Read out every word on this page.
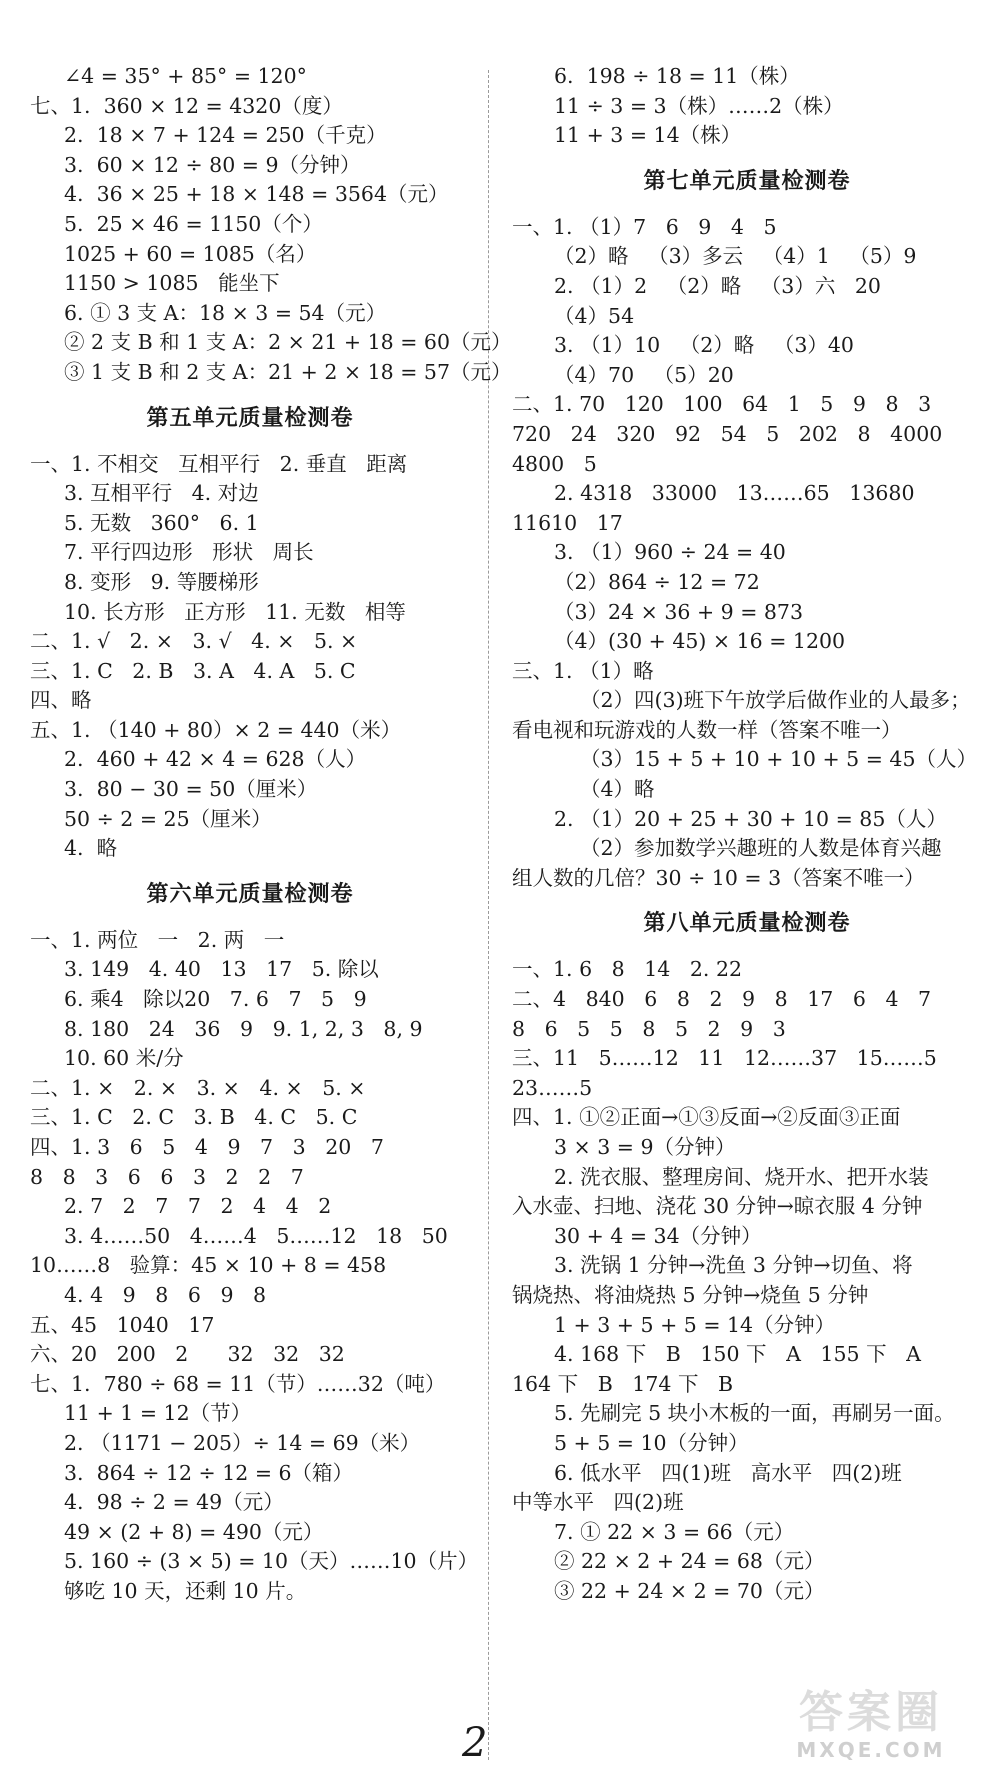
∠4 = 35° + 85° = 120°
七、1.  360 × 12 = 4320（度）
2.  18 × 7 + 124 = 250（千克）
3.  60 × 12 ÷ 80 = 9（分钟）
4.  36 × 25 + 18 × 148 = 3564（元）
5.  25 × 46 = 1150（个）
1025 + 60 = 1085（名）
1150 > 1085   能坐下
6. ① 3 支 A：18 × 3 = 54（元）
② 2 支 B 和 1 支 A：2 × 21 + 18 = 60（元）
③ 1 支 B 和 2 支 A：21 + 2 × 18 = 57（元）
第五单元质量检测卷
一、1. 不相交   互相平行   2. 垂直   距离
3. 互相平行   4. 对边
5. 无数   360°   6. 1
7. 平行四边形   形状   周长
8. 变形   9. 等腰梯形
10. 长方形   正方形   11. 无数   相等
二、1. √   2. ×   3. √   4. ×   5. ×
三、1. C   2. B   3. A   4. A   5. C
四、略
五、1. （140 + 80）× 2 = 440（米）
2.  460 + 42 × 4 = 628（人）
3.  80 − 30 = 50（厘米）
50 ÷ 2 = 25（厘米）
4.  略
第六单元质量检测卷
一、1. 两位   一   2. 两   一
3. 149   4. 40   13   17   5. 除以
6. 乘4   除以20   7. 6   7   5   9
8. 180   24   36   9   9. 1, 2, 3   8, 9
10. 60 米/分
二、1. ×   2. ×   3. ×   4. ×   5. ×
三、1. C   2. C   3. B   4. C   5. C
四、1. 3   6   5   4   9   7   3   20   7
8   8   3   6   6   3   2   2   7
2. 7   2   7   7   2   4   4   2
3. 4……50   4……4   5……12   18   50
10……8   验算：45 × 10 + 8 = 458
4. 4   9   8   6   9   8
五、45   1040   17
六、20   200   2      32   32   32
七、1.  780 ÷ 68 = 11（节）……32（吨）
11 + 1 = 12（节）
2. （1171 − 205）÷ 14 = 69（米）
3.  864 ÷ 12 ÷ 12 = 6（箱）
4.  98 ÷ 2 = 49（元）
49 × (2 + 8) = 490（元）
5. 160 ÷ (3 × 5) = 10（天）……10（片）
够吃 10 天，还剩 10 片。
6.  198 ÷ 18 = 11（株）
11 ÷ 3 = 3（株）……2（株）
11 + 3 = 14（株）
第七单元质量检测卷
一、1. （1）7   6   9   4   5
（2）略   （3）多云   （4）1   （5）9
2. （1）2   （2）略   （3）六   20
（4）54
3. （1）10   （2）略   （3）40
（4）70   （5）20
二、1. 70   120   100   64   1   5   9   8   3
720   24   320   92   54   5   202   8   4000
4800   5
2. 4318   33000   13……65   13680
11610   17
3. （1）960 ÷ 24 = 40
（2）864 ÷ 12 = 72
（3）24 × 36 + 9 = 873
（4）(30 + 45) × 16 = 1200
三、1. （1）略
（2）四(3)班下午放学后做作业的人最多；
看电视和玩游戏的人数一样（答案不唯一）
（3）15 + 5 + 10 + 10 + 5 = 45（人）
（4）略
2. （1）20 + 25 + 30 + 10 = 85（人）
（2）参加数学兴趣班的人数是体育兴趣
组人数的几倍？30 ÷ 10 = 3（答案不唯一）
第八单元质量检测卷
一、1. 6   8   14   2. 22
二、4   840   6   8   2   9   8   17   6   4   7
8   6   5   5   8   5   2   9   3
三、11   5……12   11   12……37   15……5
23……5
四、1. ①②正面→①③反面→②反面③正面
3 × 3 = 9（分钟）
2. 洗衣服、整理房间、烧开水、把开水装
入水壶、扫地、浇花 30 分钟→晾衣服 4 分钟
30 + 4 = 34（分钟）
3. 洗锅 1 分钟→洗鱼 3 分钟→切鱼、将
锅烧热、将油烧热 5 分钟→烧鱼 5 分钟
1 + 3 + 5 + 5 = 14（分钟）
4. 168 下   B   150 下   A   155 下   A
164 下   B   174 下   B
5. 先刷完 5 块小木板的一面，再刷另一面。
5 + 5 = 10（分钟）
6. 低水平   四(1)班   高水平   四(2)班
中等水平   四(2)班
7. ① 22 × 3 = 66（元）
② 22 × 2 + 24 = 68（元）
③ 22 + 24 × 2 = 70（元）
2
答案圈
MXQE.COM
